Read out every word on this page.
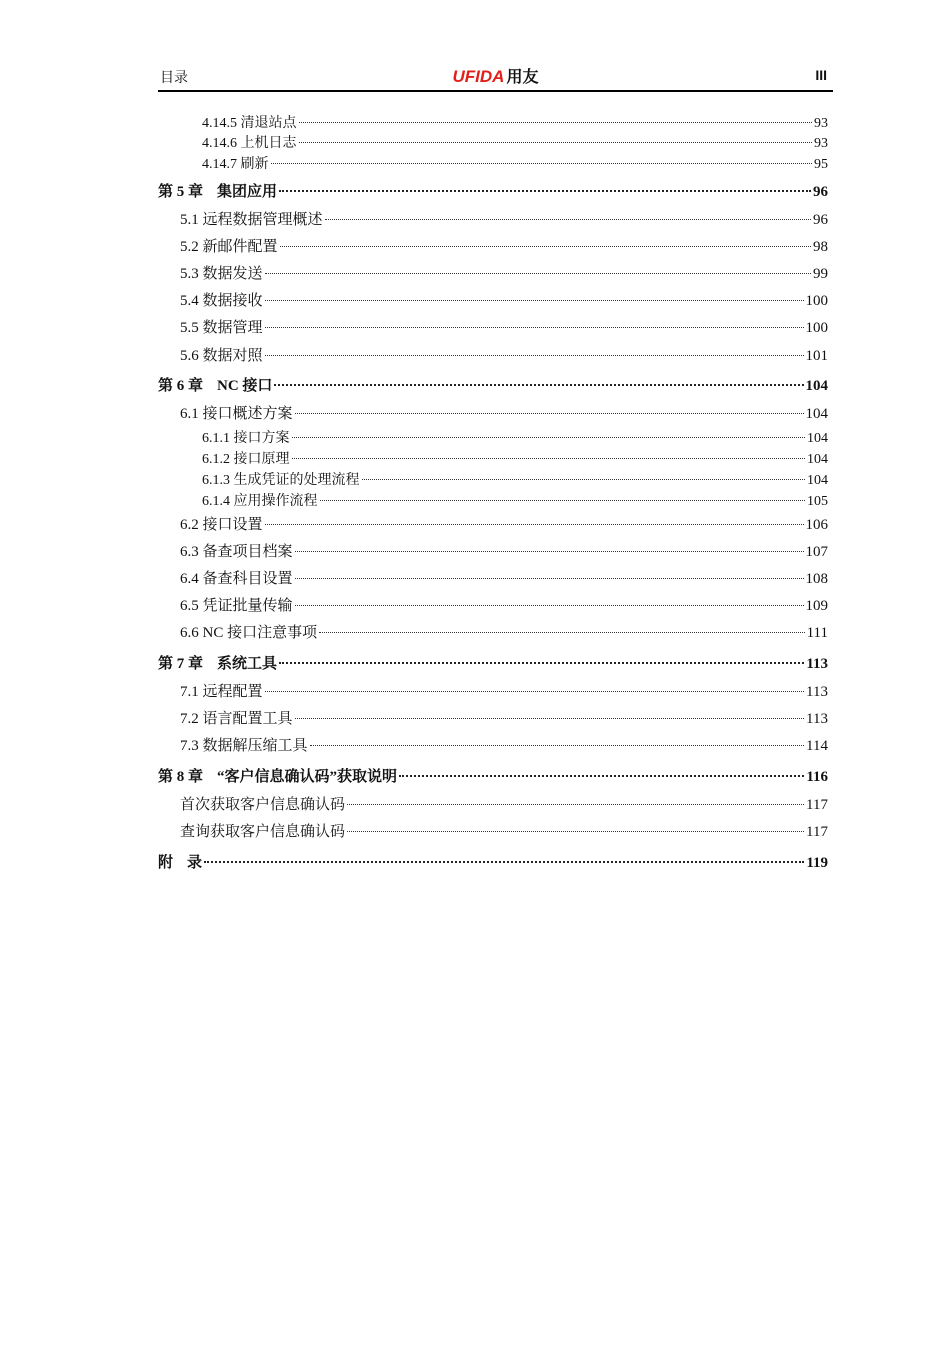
目录	UFIDA 用友	III
4.14.5 清退站点	93
4.14.6 上机日志	93
4.14.7 刷新	95
第 5 章 集团应用	96
5.1 远程数据管理概述	96
5.2 新邮件配置	98
5.3 数据发送	99
5.4 数据接收	100
5.5 数据管理	100
5.6 数据对照	101
第 6 章 NC 接口	104
6.1 接口概述方案	104
6.1.1 接口方案	104
6.1.2 接口原理	104
6.1.3 生成凭证的处理流程	104
6.1.4 应用操作流程	105
6.2 接口设置	106
6.3 备查项目档案	107
6.4 备查科目设置	108
6.5 凭证批量传输	109
6.6 NC 接口注意事项	111
第 7 章 系统工具	113
7.1 远程配置	113
7.2 语言配置工具	113
7.3 数据解压缩工具	114
第 8 章 “客户信息确认码”获取说明	116
首次获取客户信息确认码	117
查询获取客户信息确认码	117
附 录	119
